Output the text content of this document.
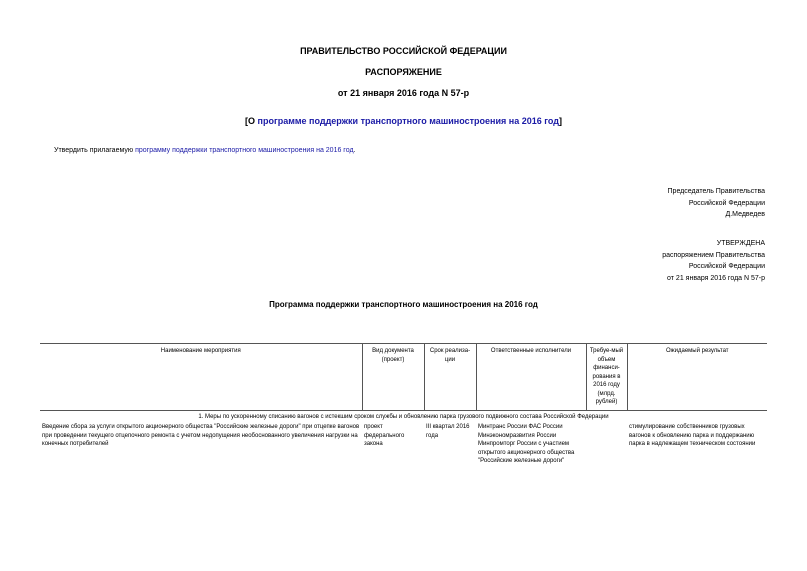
ПРАВИТЕЛЬСТВО РОССИЙСКОЙ ФЕДЕРАЦИИ
РАСПОРЯЖЕНИЕ
от 21 января 2016 года N 57-р
[О программе поддержки транспортного машиностроения на 2016 год]
Утвердить прилагаемую программу поддержки транспортного машиностроения на 2016 год.
Председатель Правительства
Российской Федерации
Д.Медведев
УТВЕРЖДЕНА
распоряжением Правительства
Российской Федерации
от 21 января 2016 года N 57-р
Программа поддержки транспортного машиностроения на 2016 год
Наименование мероприятия	Вид документа (проект)	Срок реализа-ции	Ответственные исполнители	Требуе-мый объем финанси-рования в 2016 году (млрд. рублей)	Ожидаемый результат
1. Меры по ускоренному списанию вагонов с истекшим сроком службы и обновлению парка грузового подвижного состава Российской Федерации					
Введение сбора за услуги открытого акционерного общества "Российские железные дороги" при отцепке вагонов при проведении текущего отцепочного ремонта с учетом недопущения необоснованного увеличения нагрузки на конечных потребителей	проект федерального закона	III квартал 2016 года	Минтранс России ФАС России Минэкономразвития России Минпромторг России с участием открытого акционерного общества "Российские железные дороги"		стимулирование собственников грузовых вагонов к обновлению парка и поддержанию парка в надлежащем техническом состоянии
